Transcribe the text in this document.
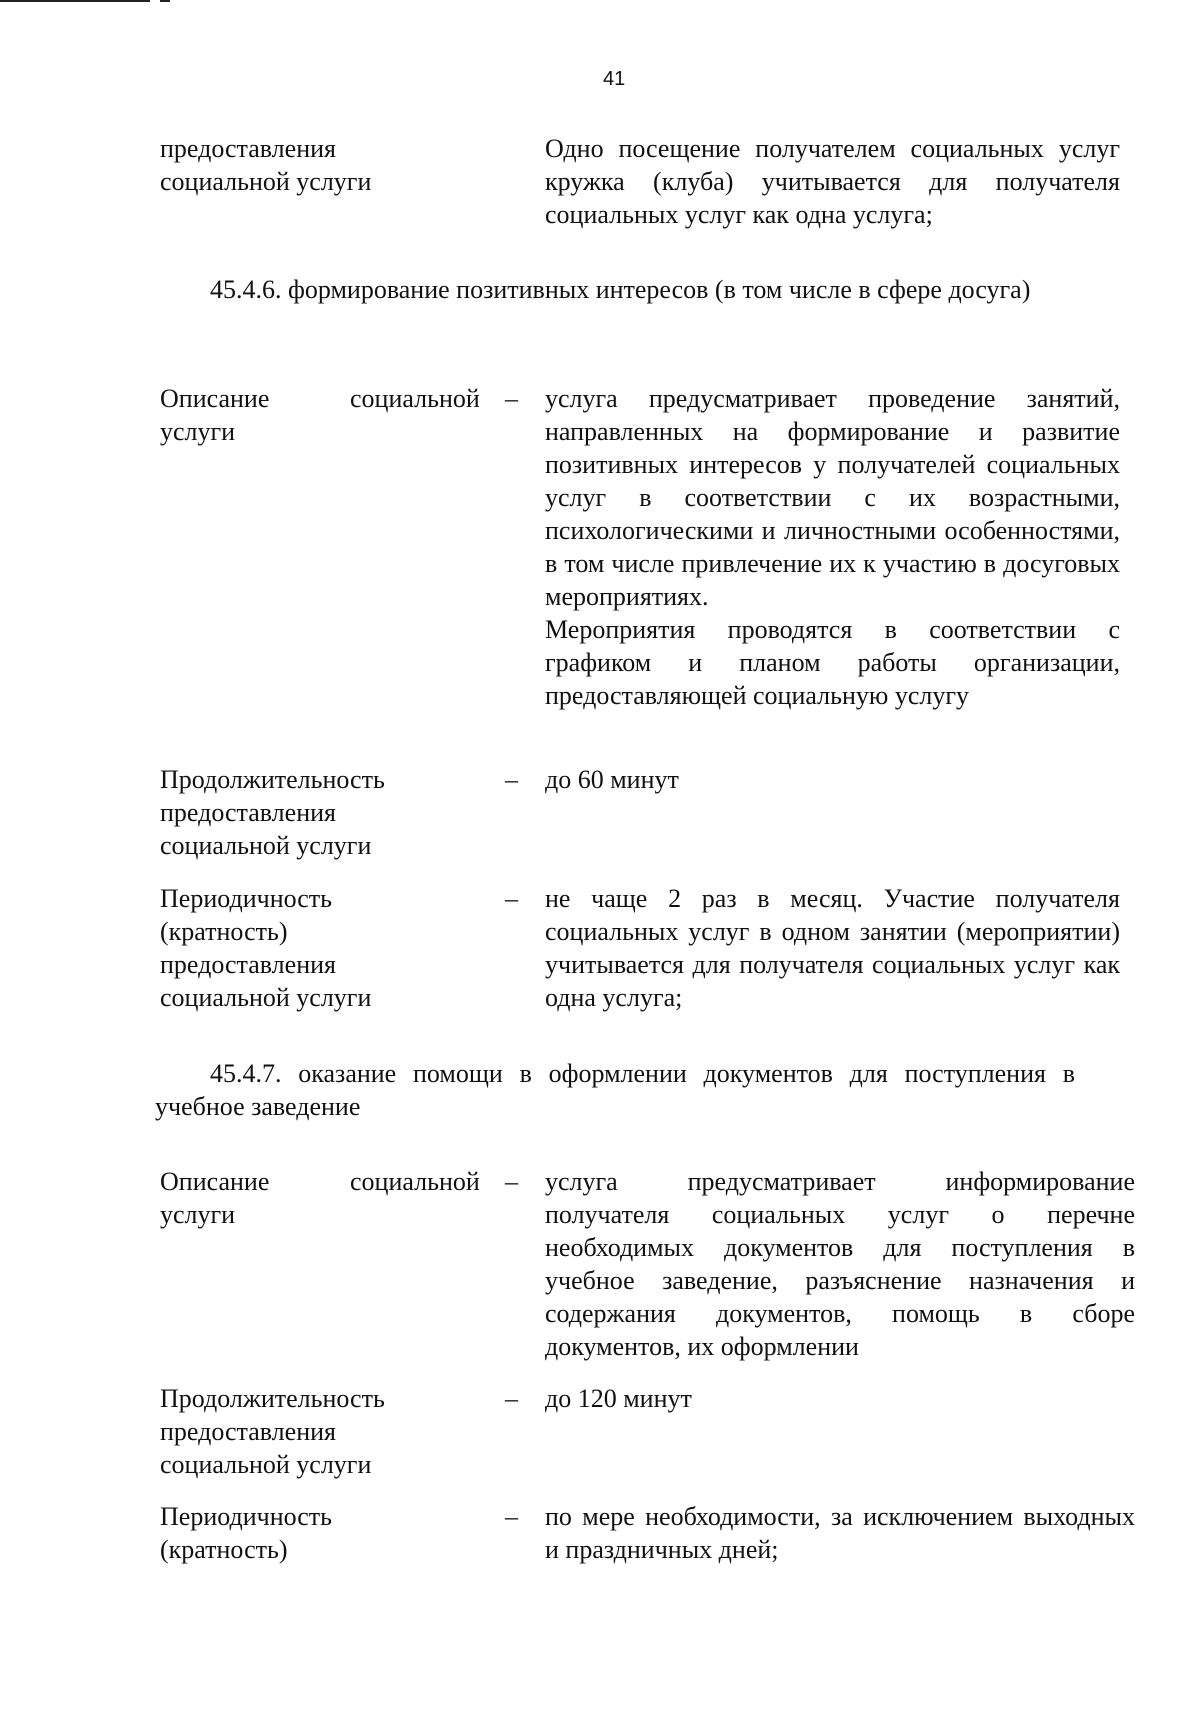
41
предоставления социальной услуги
Одно посещение получателем социальных услуг кружка (клуба) учитывается для получателя социальных услуг как одна услуга;
45.4.6. формирование позитивных интересов (в том числе в сфере досуга)
Описание	социальной
услуги
– услуга предусматривает проведение занятий, направленных на формирование и развитие позитивных интересов у получателей социальных услуг в соответствии с их возрастными, психологическими и личностными особенностями, в том числе привлечение их к участию в досуговых мероприятиях.

Мероприятия проводятся в соответствии с графиком и планом работы организации, предоставляющей социальную услугу

Продолжительность предоставления социальной услуги
– до 60 минут
Периодичность (кратность) предоставления социальной услуги
– не чаще 2 раз в месяц. Участие получателя социальных услуг в одном занятии (мероприятии) учитывается для получателя социальных услуг как одна услуга;
45.4.7. оказание помощи в оформлении документов для поступления в учебное заведение
Описание	социальной
услуги
– услуга предусматривает информирование получателя социальных услуг о перечне необходимых документов для поступления в учебное заведение, разъяснение назначения и содержания документов, помощь в сборе документов, их оформлении
Продолжительность предоставления социальной услуги
– до 120 минут
Периодичность (кратность)
– по мере необходимости, за исключением выходных и праздничных дней;
